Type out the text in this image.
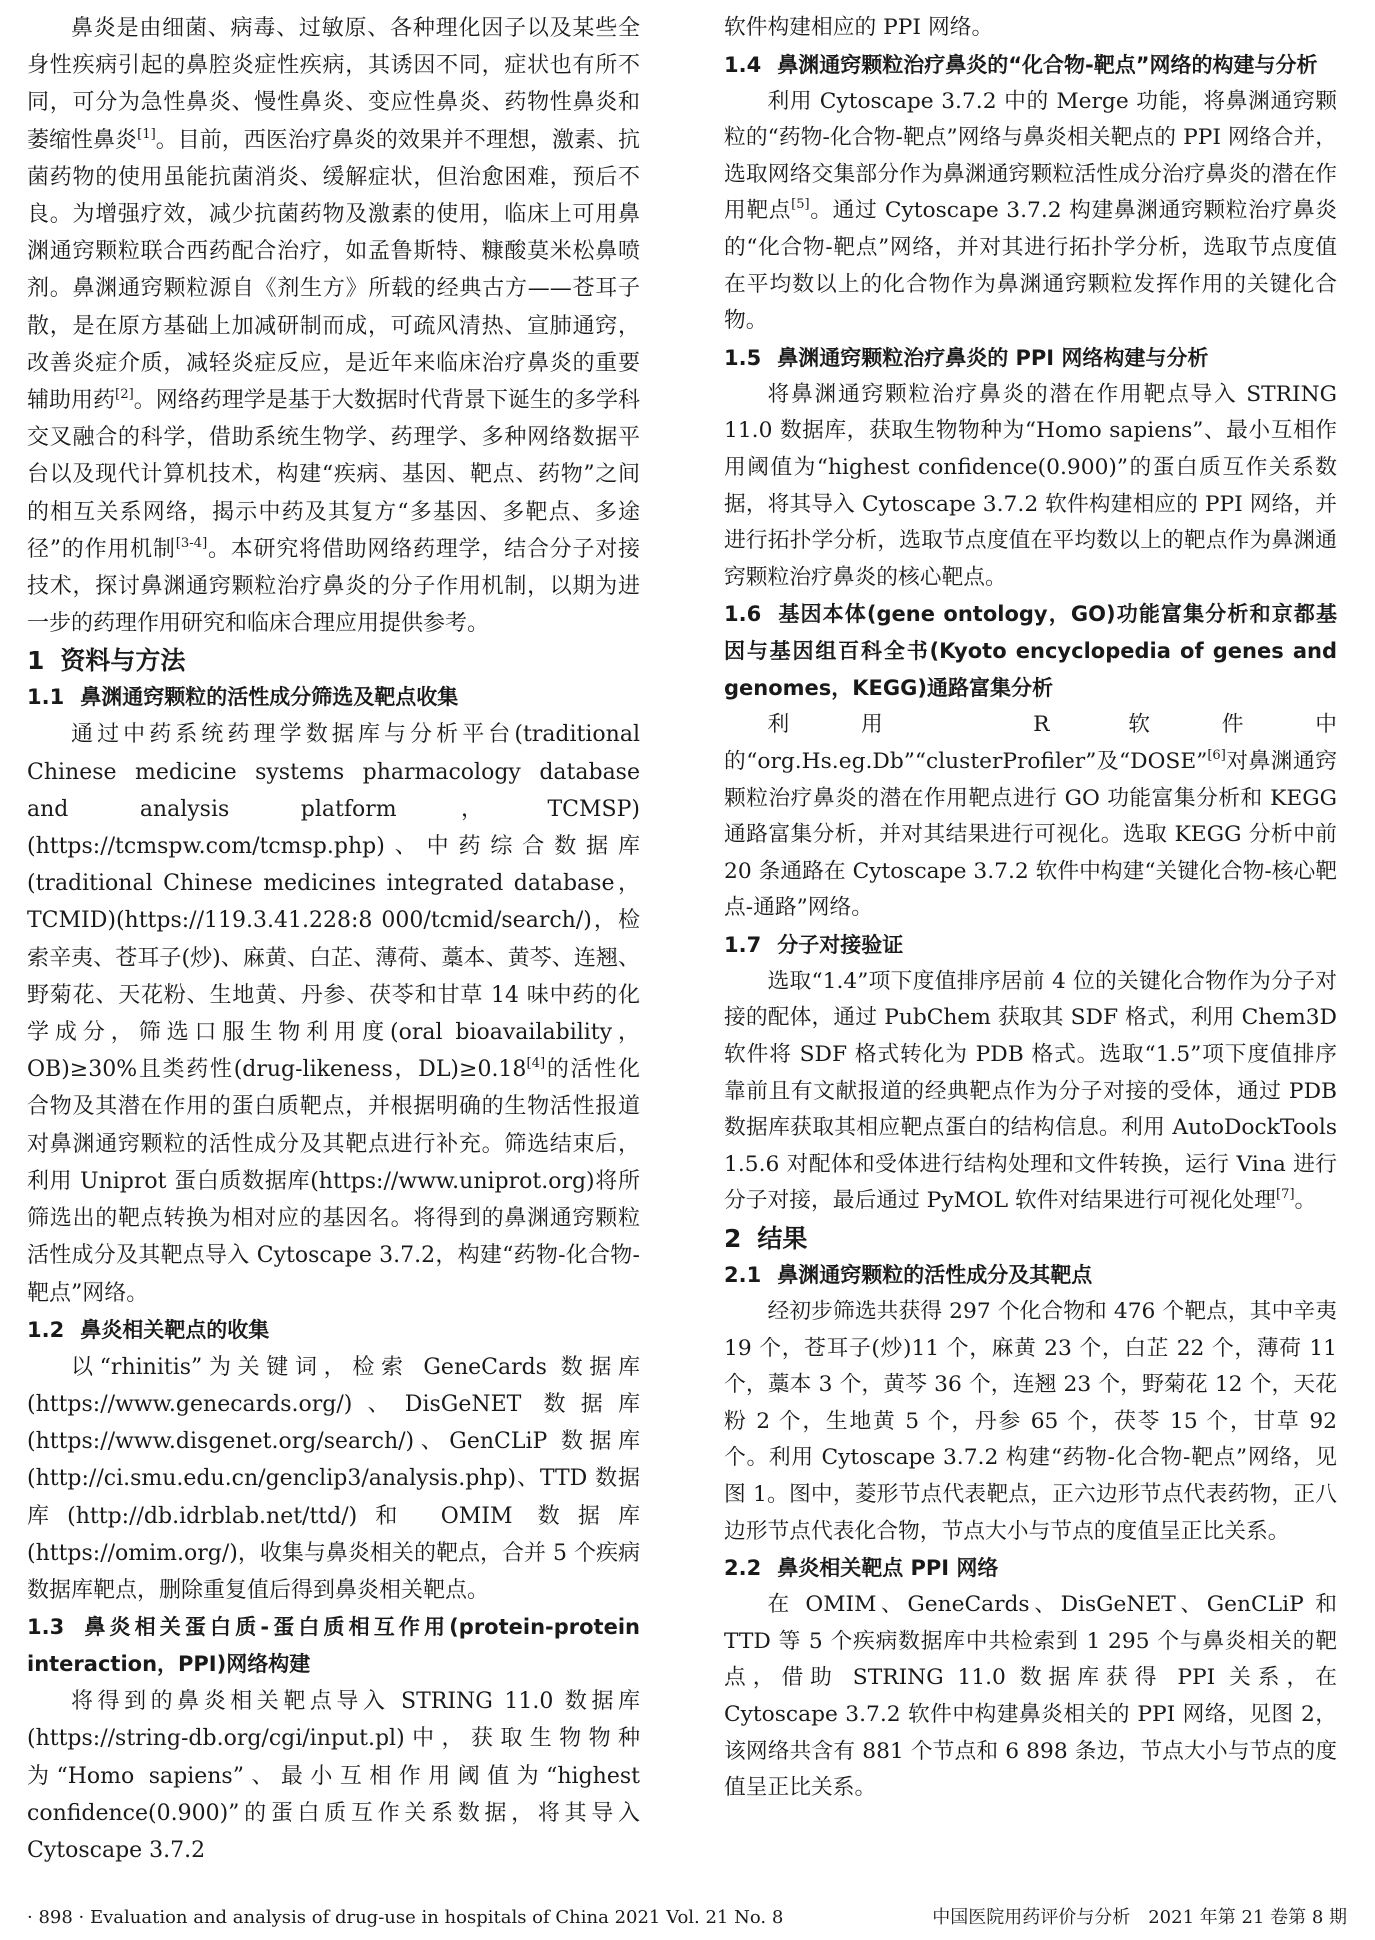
鼻炎是由细菌、病毒、过敏原、各种理化因子以及某些全身性疾病引起的鼻腔炎症性疾病，其诱因不同，症状也有所不同，可分为急性鼻炎、慢性鼻炎、变应性鼻炎、药物性鼻炎和萎缩性鼻炎[1]。目前，西医治疗鼻炎的效果并不理想，激素、抗菌药物的使用虽能抗菌消炎、缓解症状，但治愈困难，预后不良。为增强疗效，减少抗菌药物及激素的使用，临床上可用鼻渊通窍颗粒联合西药配合治疗，如孟鲁斯特、糠酸莫米松鼻喷剂。鼻渊通窍颗粒源自《剂生方》所载的经典古方——苍耳子散，是在原方基础上加减研制而成，可疏风清热、宣肺通窍，改善炎症介质，减轻炎症反应，是近年来临床治疗鼻炎的重要辅助用药[2]。网络药理学是基于大数据时代背景下诞生的多学科交叉融合的科学，借助系统生物学、药理学、多种网络数据平台以及现代计算机技术，构建“疾病、基因、靶点、药物”之间的相互关系网络，揭示中药及其复方“多基因、多靶点、多途径”的作用机制[3-4]。本研究将借助网络药理学，结合分子对接技术，探讨鼻渊通窍颗粒治疗鼻炎的分子作用机制，以期为进一步的药理作用研究和临床合理应用提供参考。

1 资料与方法
1.1 鼻渊通窍颗粒的活性成分筛选及靶点收集

通过中药系统药理学数据库与分析平台(traditional Chinese medicine systems pharmacology database and analysis platform，TCMSP)(https://tcmspw.com/tcmsp.php)、中药综合数据库(traditional Chinese medicines integrated database，TCMID)(https://119.3.41.228:8 000/tcmid/search/)，检索辛夷、苍耳子(炒)、麻黄、白芷、薄荷、藁本、黄芩、连翘、野菊花、天花粉、生地黄、丹参、茯苓和甘草 14 味中药的化学成分，筛选口服生物利用度(oral bioavailability，OB)≥30%且类药性(drug-likeness，DL)≥0.18[4]的活性化合物及其潜在作用的蛋白质靶点，并根据明确的生物活性报道对鼻渊通窍颗粒的活性成分及其靶点进行补充。筛选结束后，利用 Uniprot 蛋白质数据库(https://www.uniprot.org)将所筛选出的靶点转换为相对应的基因名。将得到的鼻渊通窍颗粒活性成分及其靶点导入 Cytoscape 3.7.2，构建“药物-化合物-靶点”网络。

1.2 鼻炎相关靶点的收集

以“rhinitis”为关键词，检索 GeneCards 数据库(https://www.genecards.org/)、DisGeNET 数据库(https://www.disgenet.org/search/)、GenCLiP 数据库(http://ci.smu.edu.cn/genclip3/analysis.php)、TTD 数据库(http://db.idrblab.net/ttd/)和 OMIM 数据库(https://omim.org/)，收集与鼻炎相关的靶点，合并 5 个疾病数据库靶点，删除重复值后得到鼻炎相关靶点。

1.3 鼻炎相关蛋白质-蛋白质相互作用(protein-protein interaction，PPI)网络构建

将得到的鼻炎相关靶点导入 STRING 11.0 数据库(https://string-db.org/cgi/input.pl)中，获取生物物种为“Homo sapiens”、最小互相作用阈值为“highest confidence(0.900)”的蛋白质互作关系数据，将其导入 Cytoscape 3.7.2

软件构建相应的 PPI 网络。

1.4 鼻渊通窍颗粒治疗鼻炎的“化合物-靶点”网络的构建与分析

利用 Cytoscape 3.7.2 中的 Merge 功能，将鼻渊通窍颗粒的“药物-化合物-靶点”网络与鼻炎相关靶点的 PPI 网络合并，选取网络交集部分作为鼻渊通窍颗粒活性成分治疗鼻炎的潜在作用靶点[5]。通过 Cytoscape 3.7.2 构建鼻渊通窍颗粒治疗鼻炎的“化合物-靶点”网络，并对其进行拓扑学分析，选取节点度值在平均数以上的化合物作为鼻渊通窍颗粒发挥作用的关键化合物。

1.5 鼻渊通窍颗粒治疗鼻炎的 PPI 网络构建与分析

将鼻渊通窍颗粒治疗鼻炎的潜在作用靶点导入 STRING 11.0 数据库，获取生物物种为“Homo sapiens”、最小互相作用阈值为“highest confidence(0.900)”的蛋白质互作关系数据，将其导入 Cytoscape 3.7.2 软件构建相应的 PPI 网络，并进行拓扑学分析，选取节点度值在平均数以上的靶点作为鼻渊通窍颗粒治疗鼻炎的核心靶点。

1.6 基因本体(gene ontology，GO)功能富集分析和京都基因与基因组百科全书(Kyoto encyclopedia of genes and genomes，KEGG)通路富集分析

利用 R 软件中的“org.Hs.eg.Db”“clusterProfiler”及“DOSE”[6]对鼻渊通窍颗粒治疗鼻炎的潜在作用靶点进行 GO 功能富集分析和 KEGG 通路富集分析，并对其结果进行可视化。选取 KEGG 分析中前 20 条通路在 Cytoscape 3.7.2 软件中构建“关键化合物-核心靶点-通路”网络。

1.7 分子对接验证

选取“1.4”项下度值排序居前 4 位的关键化合物作为分子对接的配体，通过 PubChem 获取其 SDF 格式，利用 Chem3D 软件将 SDF 格式转化为 PDB 格式。选取“1.5”项下度值排序靠前且有文献报道的经典靶点作为分子对接的受体，通过 PDB 数据库获取其相应靶点蛋白的结构信息。利用 AutoDockTools 1.5.6 对配体和受体进行结构处理和文件转换，运行 Vina 进行分子对接，最后通过 PyMOL 软件对结果进行可视化处理[7]。

2 结果
2.1 鼻渊通窍颗粒的活性成分及其靶点

经初步筛选共获得 297 个化合物和 476 个靶点，其中辛夷 19 个，苍耳子(炒)11 个，麻黄 23 个，白芷 22 个，薄荷 11 个，藁本 3 个，黄芩 36 个，连翘 23 个，野菊花 12 个，天花粉 2 个，生地黄 5 个，丹参 65 个，茯苓 15 个，甘草 92 个。利用 Cytoscape 3.7.2 构建“药物-化合物-靶点”网络，见图 1。图中，菱形节点代表靶点，正六边形节点代表药物，正八边形节点代表化合物，节点大小与节点的度值呈正比关系。

2.2 鼻炎相关靶点 PPI 网络

在 OMIM、GeneCards、DisGeNET、GenCLiP 和 TTD 等 5 个疾病数据库中共检索到 1 295 个与鼻炎相关的靶点，借助 STRING 11.0 数据库获得 PPI 关系，在 Cytoscape 3.7.2 软件中构建鼻炎相关的 PPI 网络，见图 2，该网络共含有 881 个节点和 6 898 条边，节点大小与节点的度值呈正比关系。

· 898 · Evaluation and analysis of drug-use in hospitals of China 2021 Vol. 21 No. 8	中国医院用药评价与分析　2021 年第 21 卷第 8 期
